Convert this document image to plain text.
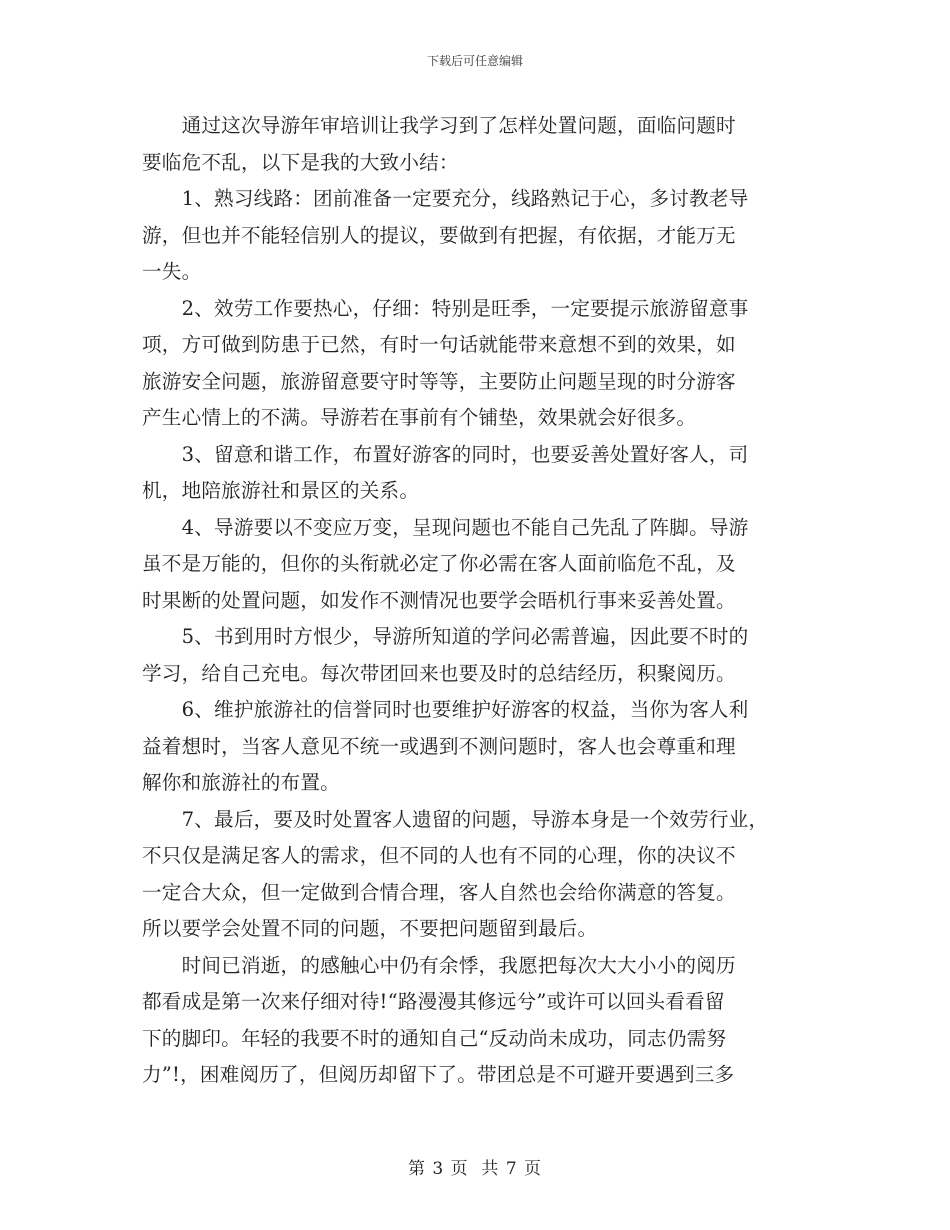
下载后可任意编辑

　　通过这次导游年审培训让我学习到了怎样处置问题，面临问题时
要临危不乱，以下是我的大致小结：

　　1、熟习线路：团前准备一定要充分，线路熟记于心，多讨教老导
游，但也并不能轻信别人的提议，要做到有把握，有依据，才能万无
一失。

　　2、效劳工作要热心，仔细：特别是旺季，一定要提示旅游留意事
项，方可做到防患于已然，有时一句话就能带来意想不到的效果，如
旅游安全问题，旅游留意要守时等等，主要防止问题呈现的时分游客
产生心情上的不满。导游若在事前有个铺垫，效果就会好很多。

　　3、留意和谐工作，布置好游客的同时，也要妥善处置好客人，司
机，地陪旅游社和景区的关系。

　　4、导游要以不变应万变，呈现问题也不能自己先乱了阵脚。导游
虽不是万能的，但你的头衔就必定了你必需在客人面前临危不乱，及
时果断的处置问题，如发作不测情况也要学会晤机行事来妥善处置。

　　5、书到用时方恨少，导游所知道的学问必需普遍，因此要不时的
学习，给自己充电。每次带团回来也要及时的总结经历，积聚阅历。

　　6、维护旅游社的信誉同时也要维护好游客的权益，当你为客人利
益着想时，当客人意见不统一或遇到不测问题时，客人也会尊重和理
解你和旅游社的布置。

　　7、最后，要及时处置客人遗留的问题，导游本身是一个效劳行业，
不只仅是满足客人的需求，但不同的人也有不同的心理，你的决议不
一定合大众，但一定做到合情合理，客人自然也会给你满意的答复。
所以要学会处置不同的问题，不要把问题留到最后。

　　时间已消逝，的感触心中仍有余悸，我愿把每次大大小小的阅历
都看成是第一次来仔细对待!“路漫漫其修远兮”或许可以回头看看留
下的脚印。年轻的我要不时的通知自己“反动尚未成功，同志仍需努
力”!，困难阅历了，但阅历却留下了。带团总是不可避开要遇到三多

第 3 页  共 7 页
